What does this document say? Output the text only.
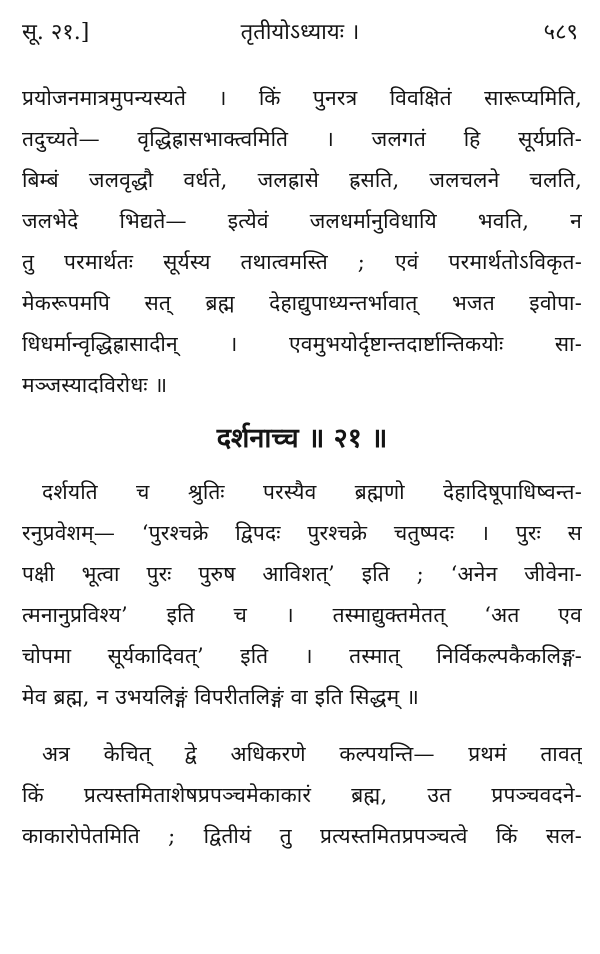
सू. २१.]	तृतीयोऽध्यायः ।	५८९
प्रयोजनमात्रमुपन्यस्यते । किं पुनरत्र विवक्षितं सारूप्यमिति,
तदुच्यते— वृद्धिह्रासभाक्त्वमिति । जलगतं हि सूर्यप्रति-
बिम्बं जलवृद्धौ वर्धते, जलह्रासे ह्रसति, जलचलने चलति,
जलभेदे भिद्यते— इत्येवं जलधर्मानुविधायि भवति, न
तु परमार्थतः सूर्यस्य तथात्वमस्ति ; एवं परमार्थतोऽविकृत-
मेकरूपमपि सत् ब्रह्म देहाद्युपाध्यन्तर्भावात् भजत इवोपा-
धिधर्मान्वृद्धिह्रासादीन् । एवमुभयोर्दृष्टान्तदार्ष्टान्तिकयोः सा-
मञ्जस्यादविरोधः ॥
दर्शनाच्च ॥ २१ ॥
दर्शयति च श्रुतिः परस्यैव ब्रह्मणो देहादिषूपाधिष्वन्त-
रनुप्रवेशम्— ‘पुरश्चक्रे द्विपदः पुरश्चक्रे चतुष्पदः । पुरः स
पक्षी भूत्वा पुरः पुरुष आविशत्’ इति ; ‘अनेन जीवेना-
त्मनानुप्रविश्य’ इति च । तस्माद्युक्तमेतत् ‘अत एव
चोपमा सूर्यकादिवत्’ इति । तस्मात् निर्विकल्पकैकलिङ्ग-
मेव ब्रह्म, न उभयलिङ्गं विपरीतलिङ्गं वा इति सिद्धम् ॥
अत्र केचित् द्वे अधिकरणे कल्पयन्ति— प्रथमं तावत्
किं प्रत्यस्तमिताशेषप्रपञ्चमेकाकारं ब्रह्म, उत प्रपञ्चवदने-
काकारोपेतमिति ; द्वितीयं तु प्रत्यस्तमितप्रपञ्चत्वे किं सल-
